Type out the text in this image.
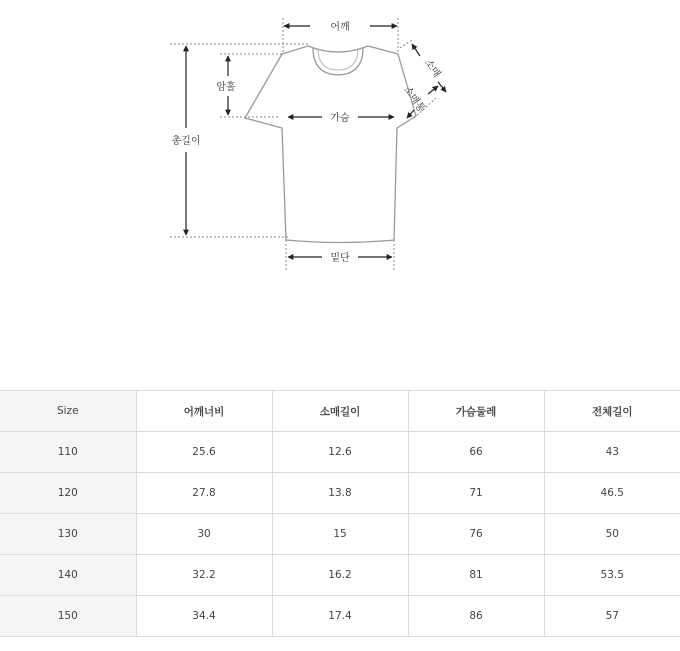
어깨
암홀
가슴
총길이
밑단
소매
소매통
Size	어깨너비	소매길이	가슴둘레	전체길이
110	25.6	12.6	66	43
120	27.8	13.8	71	46.5
130	30	15	76	50
140	32.2	16.2	81	53.5
150	34.4	17.4	86	57
